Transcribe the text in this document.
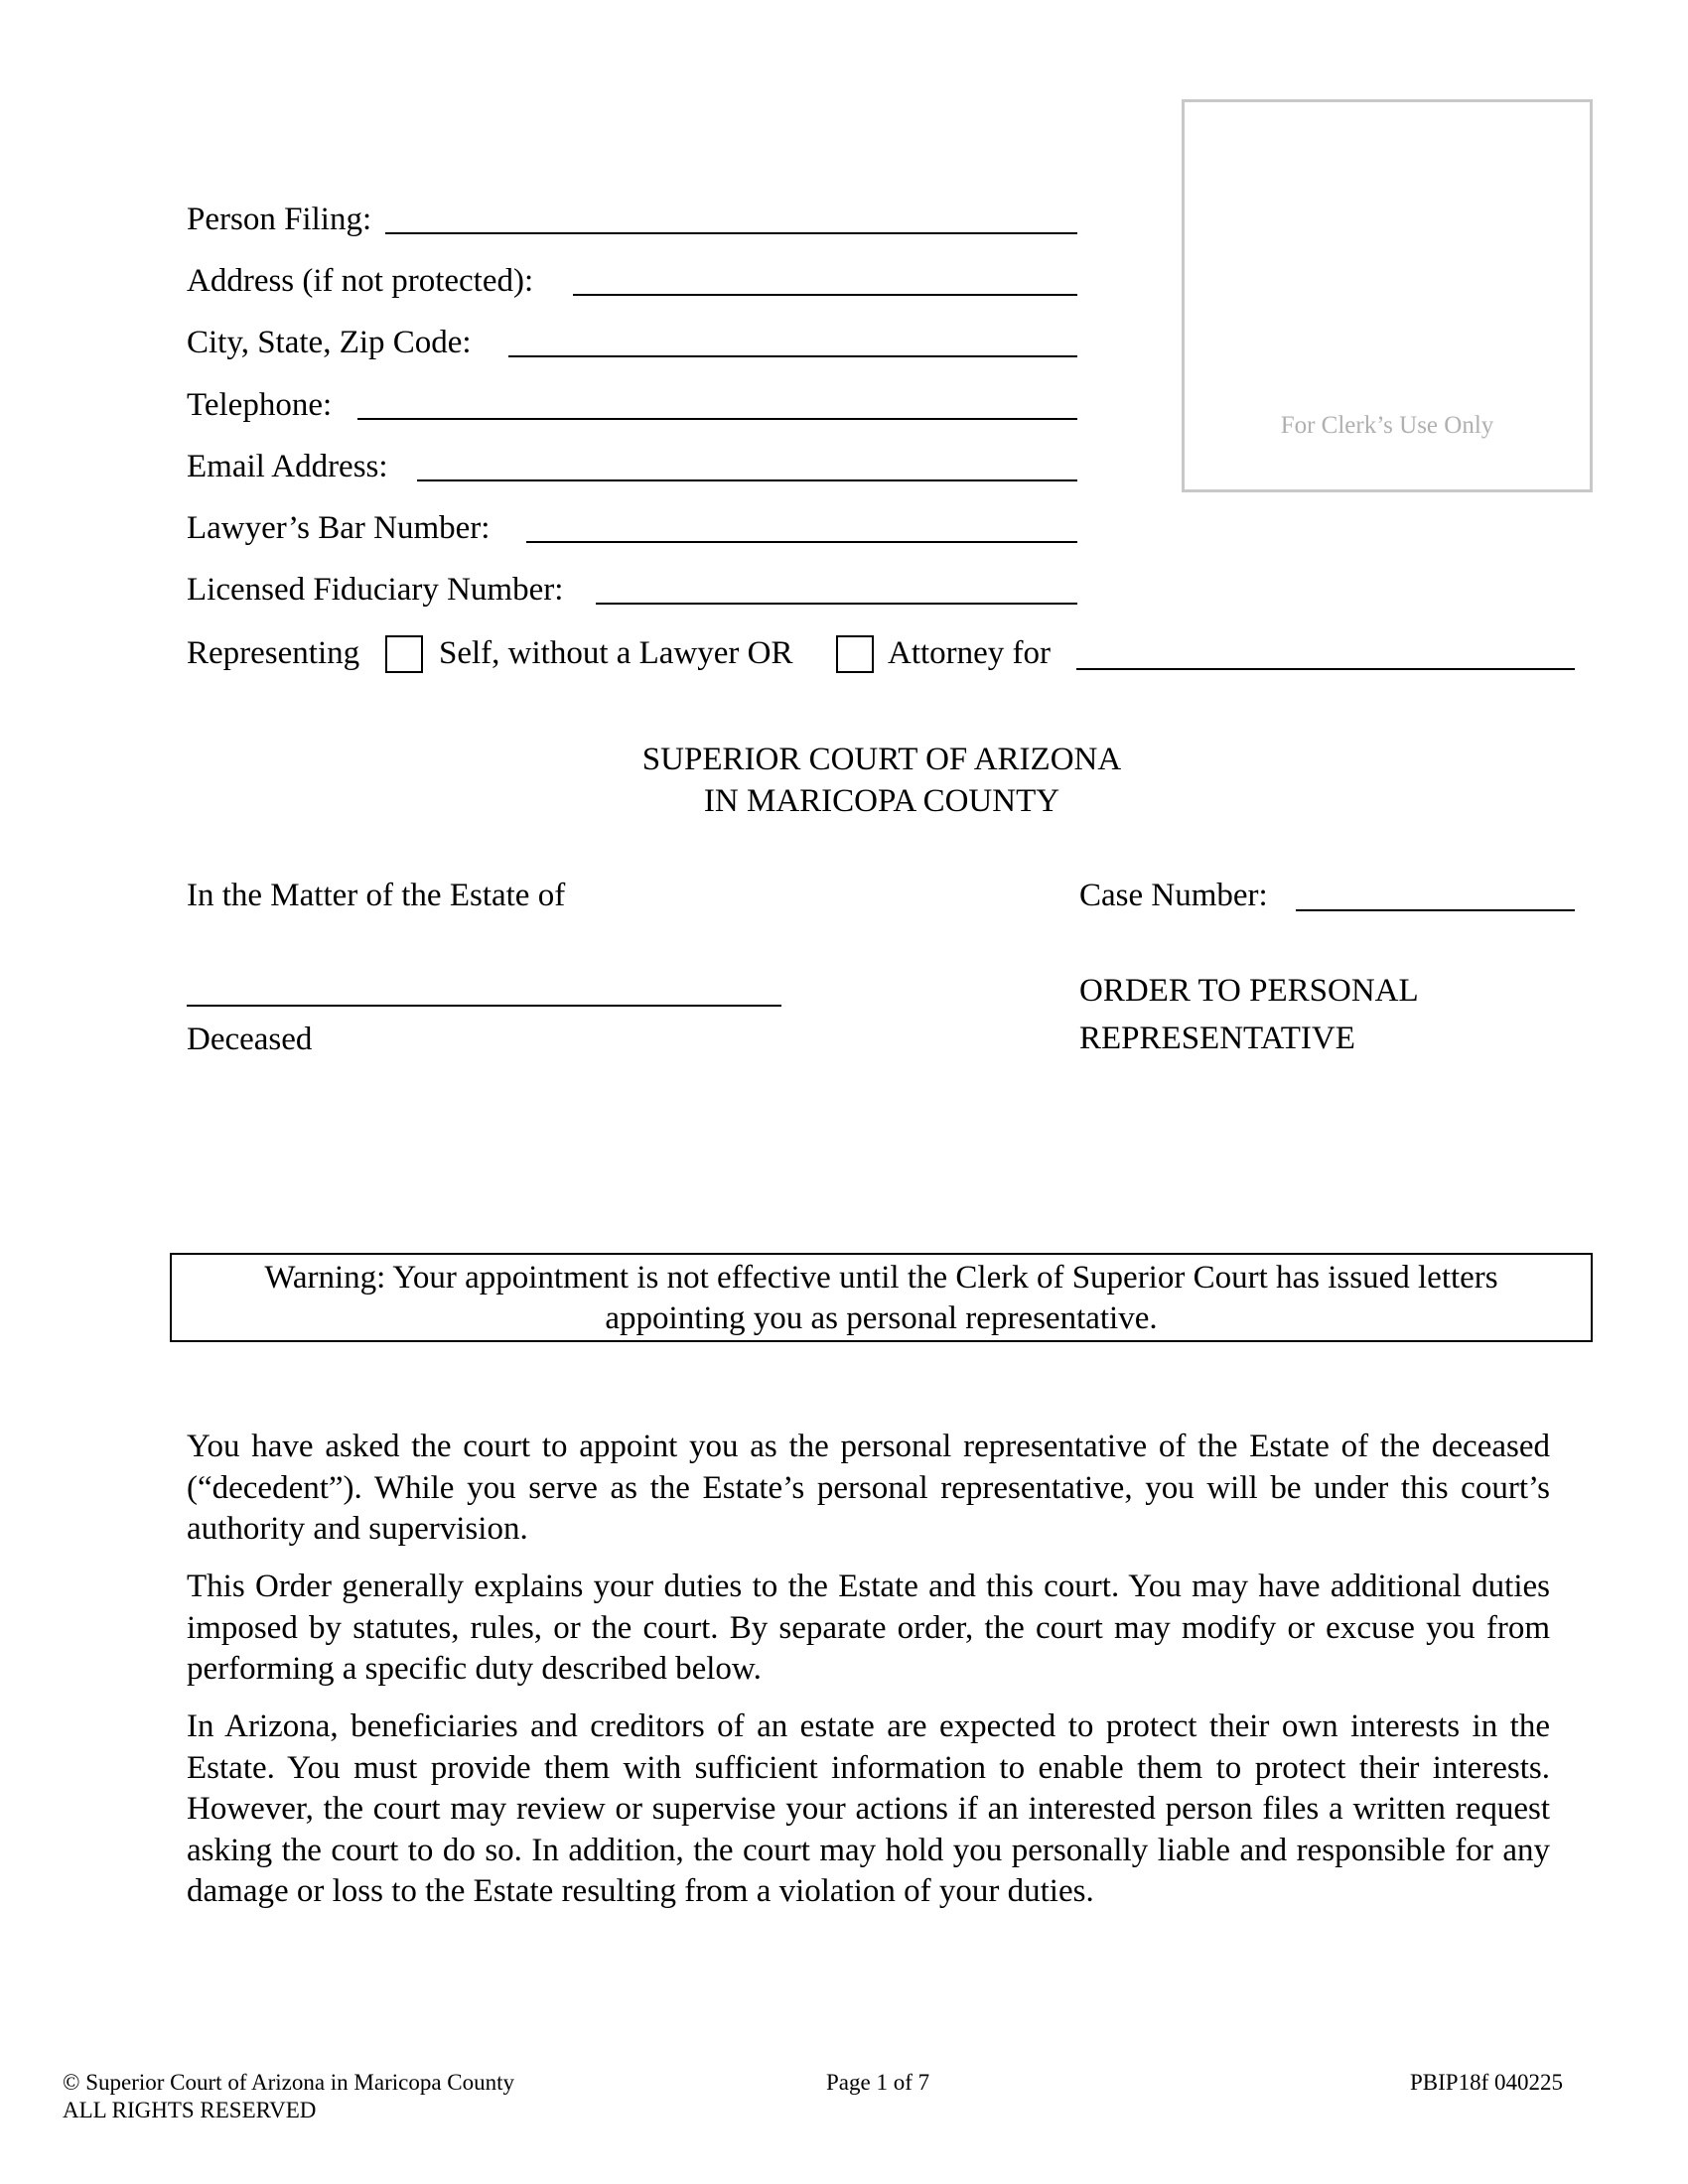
For Clerk’s Use Only
Person Filing:
Address (if not protected):
City, State, Zip Code:
Telephone:
Email Address:
Lawyer’s Bar Number:
Licensed Fiduciary Number:
Representing Self, without a Lawyer OR	Attorney for
SUPERIOR COURT OF ARIZONA
IN MARICOPA COUNTY
In the Matter of the Estate of
Deceased
Case Number:
ORDER TO PERSONAL
REPRESENTATIVE
Warning: Your appointment is not effective until the Clerk of Superior Court has issued letters
appointing you as personal representative.
You have asked the court to appoint you as the personal representative of the Estate of the deceased (“decedent”). While you serve as the Estate’s personal representative, you will be under this court’s authority and supervision.
This Order generally explains your duties to the Estate and this court. You may have additional duties imposed by statutes, rules, or the court. By separate order, the court may modify or excuse you from performing a specific duty described below.
In Arizona, beneficiaries and creditors of an estate are expected to protect their own interests in the Estate. You must provide them with sufficient information to enable them to protect their interests. However, the court may review or supervise your actions if an interested person files a written request asking the court to do so. In addition, the court may hold you personally liable and responsible for any damage or loss to the Estate resulting from a violation of your duties.
© Superior Court of Arizona in Maricopa County
ALL RIGHTS RESERVED
Page 1 of 7	PBIP18f 040225
